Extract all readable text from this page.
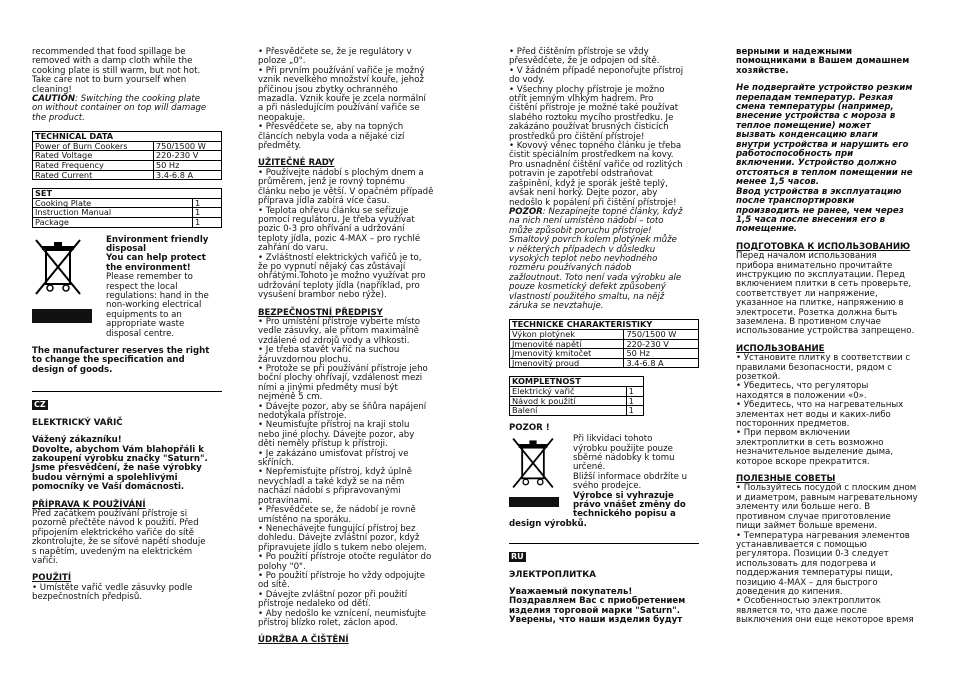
recommended that food spillage be
removed with a damp cloth while the
cooking plate is still warm, but not hot.
Take care not to burn yourself when
cleaning!

CAUTION: Switching the cooking plate
on without container on top will damage
the product.

TECHNICAL DATA	
Power of Burn Cookers	750/1500 W
Rated Voltage	220-230 V
Rated Frequency	50 Hz
Rated Current	3.4-6.8 A
SET	
Cooking Plate	1
Instruction Manual	1
Package	1
Environment friendly
disposal
You can help protect
the environment!
Please remember to
respect the local
regulations: hand in the
non-working electrical
equipments to an
appropriate waste
disposal centre.
The manufacturer reserves the right
to change the specification and
design of goods.
CZ

ELEKTRICKÝ VAŘIČ

Vážený zákazníku!
Dovolte, abychom Vám blahopřáli k
zakoupení výrobku značky "Saturn".
Jsme přesvědčení, že naše výrobky
budou věrnými a spolehlivými
pomocníky ve Vaší domácnosti.

PŘÍPRAVA K POUŽÍVÁNÍ

Před začátkem používání přístroje si
pozorně přečtěte návod k použití. Před
připojením elektrického vařiče do sítě
zkontrolujte, že se síťové napětí shoduje
s napětím, uvedeným na elektrickém
vařiči.

POUŽITÍ

• Umístěte vařič vedle zásuvky podle
bezpečnostních předpisů.
• Přesvědčete se, že je regulátory v
poloze „0".
• Při prvním používání vařiče je možný
vznik nevelkého množství kouře, jehož
příčinou jsou zbytky ochranného
mazadla. Vznik kouře je zcela normální
a při následujícím používání vařiče se
neopakuje.
• Přesvědčete se, aby na topných
článcích nebyla voda a nějaké cizí
předměty.

UŽITEČNÉ RADY

• Používejte nádobí s plochým dnem a
průměrem, jenž je rovný topnému
článku nebo je větší. V opačném případě
příprava jídla zabírá více času.
• Teplota ohřevu článku se seřizuje
pomocí regulátoru. Je třeba využívat
pozic 0-3 pro ohřívání a udržování
teploty jídla, pozic 4-MAX – pro rychlé
zahřání do varu.
• Zvláštností elektrických vařičů je to,
že po vypnutí nějaký čas zůstávají
ohřátými.Tohoto je možno využívat pro
udržování teploty jídla (například, pro
vysušení brambor nebo rýže).

BEZPEČNOSTNÍ PŘEDPISY

• Pro umístění přístroje vyberte místo
vedle zásuvky, ale přitom maximálně
vzdálené od zdrojů vody a vlhkosti.
• Je třeba stavět vařič na suchou
žáruvzdornou plochu.
• Protože se při používání přístroje jeho
boční plochy ohřívají, vzdálenost mezi
ními a jinými předměty musí být
nejméně 5 cm.
• Dávejte pozor, aby se šňůra napájení
nedotýkala přístroje.
• Neumisťujte přístroj na kraji stolu
nebo jiné plochy. Dávejte pozor, aby
děti neměly přístup k přístroji.
• Je zakázáno umisťovat přístroj ve
skříních.
• Nepřemisťujte přístroj, když úplně
nevychladl a také když se na něm
nachází nádobí s připravovanými
potravinami.
• Přesvědčete se, že nádobí je rovně
umístěno na sporáku.
• Nenechávejte fungující přístroj bez
dohledu. Dávejte zvláštní pozor, když
připravujete jídlo s tukem nebo olejem.
• Po použití přístroje otočte regulátor do
polohy "0".
• Po použití přístroje ho vždy odpojujte
od sítě.
• Dávejte zvláštní pozor při použití
přístroje nedaleko od dětí.
• Aby nedošlo ke vznícení, neumisťujte
přístroj blízko rolet, záclon apod.

ÚDRŽBA A ČIŠTĚNÍ

• Před čištěním přístroje se vždy
přesvědčete, že je odpojen od sítě.
• V žádném případě neponořujte přístroj
do vody.
• Všechny plochy přístroje je možno
otřít jemným vlhkým hadrem. Pro
čištění přístroje je možné také používat
slabého roztoku mycího prostředku. Je
zakázáno používat brusných čisticích
prostředků pro čištění přístroje!
• Kovový věnec topného článku je třeba
čistit speciálním prostředkem na kovy.
Pro usnadnění čištění vařiče od rozlitých
potravin je zapotřebí odstraňovat
zašpinění, když je sporák ještě teplý,
avšak není horký. Dejte pozor, aby
nedošlo k popálení při čištění přístroje!
POZOR: Nezapínejte topné články, když
na nich není umístěno nádobí – toto
může způsobit poruchu přístroje!
Smaltový povrch kolem plotýnek může
v některých případech v důsledku
vysokých teplot nebo nevhodného
rozměru používaných nádob
zažloutnout. Toto není vada výrobku ale
pouze kosmetický defekt způsobený
vlastností použitého smaltu, na nějž
záruka se nevztahuje.
TECHNICKÉ CHARAKTERISTIKY	
Výkon plotýnek	750/1500 W
Jmenovité napětí	220-230 V
Jmenovitý kmitočet	50 Hz
Jmenovitý proud	3.4-6.8 A
KOMPLETNOST	
Elektrický vařič	1
Návod k použití	1
Balení	1

POZOR !

Při likvidaci tohoto
výrobku použijte pouze
sběrné nádobky k tomu
určené.
Bližší informace obdržíte u
svého prodejce.
Výrobce si vyhrazuje
právo vnášet změny do
technického popisu a

design výrobků.

RU

ЭЛЕКТРОПЛИТКА

Уважаемый покупатель!
Поздравляем Вас с приобретением
изделия торговой марки "Saturn".
Уверены, что наши изделия будут
верными и надежными
помощниками в Вашем домашнем
хозяйстве.
Не подвергайте устройство резким
перепадам температур. Резкая
смена температуры (например,
внесение устройства с мороза в
теплое помещение) может
вызвать конденсацию влаги
внутри устройства и нарушить его
работоспособность при
включении. Устройство должно
отстояться в теплом помещении не
менее 1,5 часов.
Ввод устройства в эксплуатацию
после транспортировки
производить не ранее, чем через
1,5 часа после внесения его в
помещение.

ПОДГОТОВКА К ИСПОЛЬЗОВАНИЮ

Перед началом использования
прибора внимательно прочитайте
инструкцию по эксплуатации. Перед
включением плитки в сеть проверьте,
соответствует ли напряжение,
указанное на плитке, напряжению в
электросети. Розетка должна быть
заземлена. В противном случае
использование устройства запрещено.

ИСПОЛЬЗОВАНИЕ

• Установите плитку в соответствии с
правилами безопасности, рядом с
розеткой.
• Убедитесь, что регуляторы
находятся в положении «0».
• Убедитесь, что на нагревательных
элементах нет воды и каких-либо
посторонних предметов.
• При первом включении
электроплитки в сеть возможно
незначительное выделение дыма,
которое вскоре прекратится.

ПОЛЕЗНЫЕ СОВЕТЫ

• Пользуйтесь посудой с плоским дном
и диаметром, равным нагревательному
элементу или больше него. В
противном случае приготовление
пищи займет больше времени.
• Температура нагревания элементов
устанавливается с помощью
регулятора. Позиции 0-3 следует
использовать для подогрева и
поддержания температуры пищи,
позицию 4-MAX – для быстрого
доведения до кипения.
• Особенностью электроплиток
является то, что даже после
выключения они еще некоторое время
